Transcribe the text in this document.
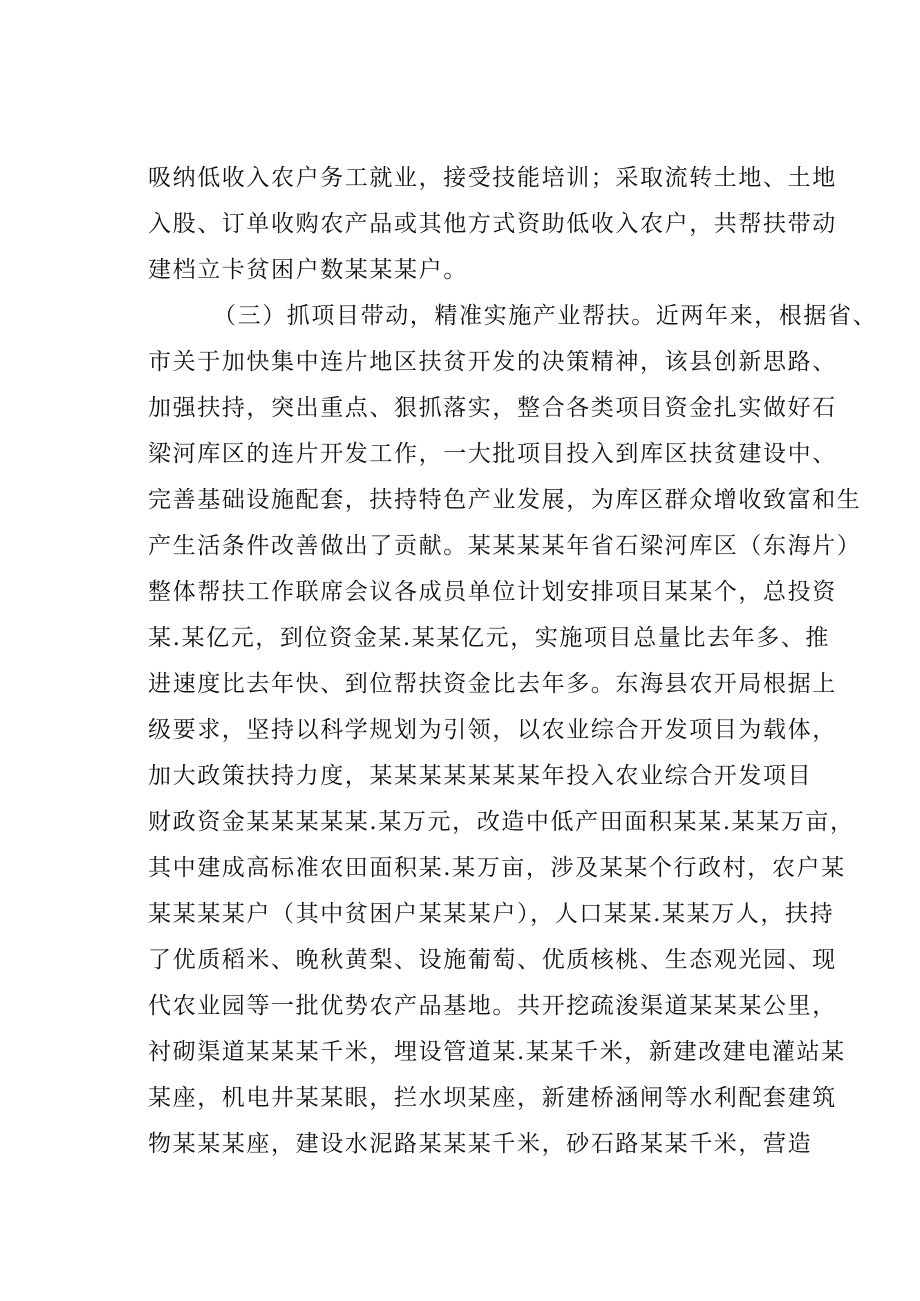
吸纳低收入农户务工就业，接受技能培训；采取流转土地、土地
入股、订单收购农产品或其他方式资助低收入农户，共帮扶带动
建档立卡贫困户数某某某户。
（三）抓项目带动，精准实施产业帮扶。近两年来，根据省、
市关于加快集中连片地区扶贫开发的决策精神，该县创新思路、
加强扶持，突出重点、狠抓落实，整合各类项目资金扎实做好石
梁河库区的连片开发工作，一大批项目投入到库区扶贫建设中、
完善基础设施配套，扶持特色产业发展，为库区群众增收致富和生
产生活条件改善做出了贡献。某某某某年省石梁河库区（东海片）
整体帮扶工作联席会议各成员单位计划安排项目某某个，总投资
某.某亿元，到位资金某.某某亿元，实施项目总量比去年多、推
进速度比去年快、到位帮扶资金比去年多。东海县农开局根据上
级要求，坚持以科学规划为引领，以农业综合开发项目为载体，
加大政策扶持力度，某某某某某某某年投入农业综合开发项目
财政资金某某某某某.某万元，改造中低产田面积某某.某某万亩，
其中建成高标准农田面积某.某万亩，涉及某某个行政村，农户某
某某某某户（其中贫困户某某某户），人口某某.某某万人，扶持
了优质稻米、晚秋黄梨、设施葡萄、优质核桃、生态观光园、现
代农业园等一批优势农产品基地。共开挖疏浚渠道某某某公里，
衬砌渠道某某某千米，埋设管道某.某某千米，新建改建电灌站某
某座，机电井某某眼，拦水坝某座，新建桥涵闸等水利配套建筑
物某某某座，建设水泥路某某某千米，砂石路某某千米，营造
